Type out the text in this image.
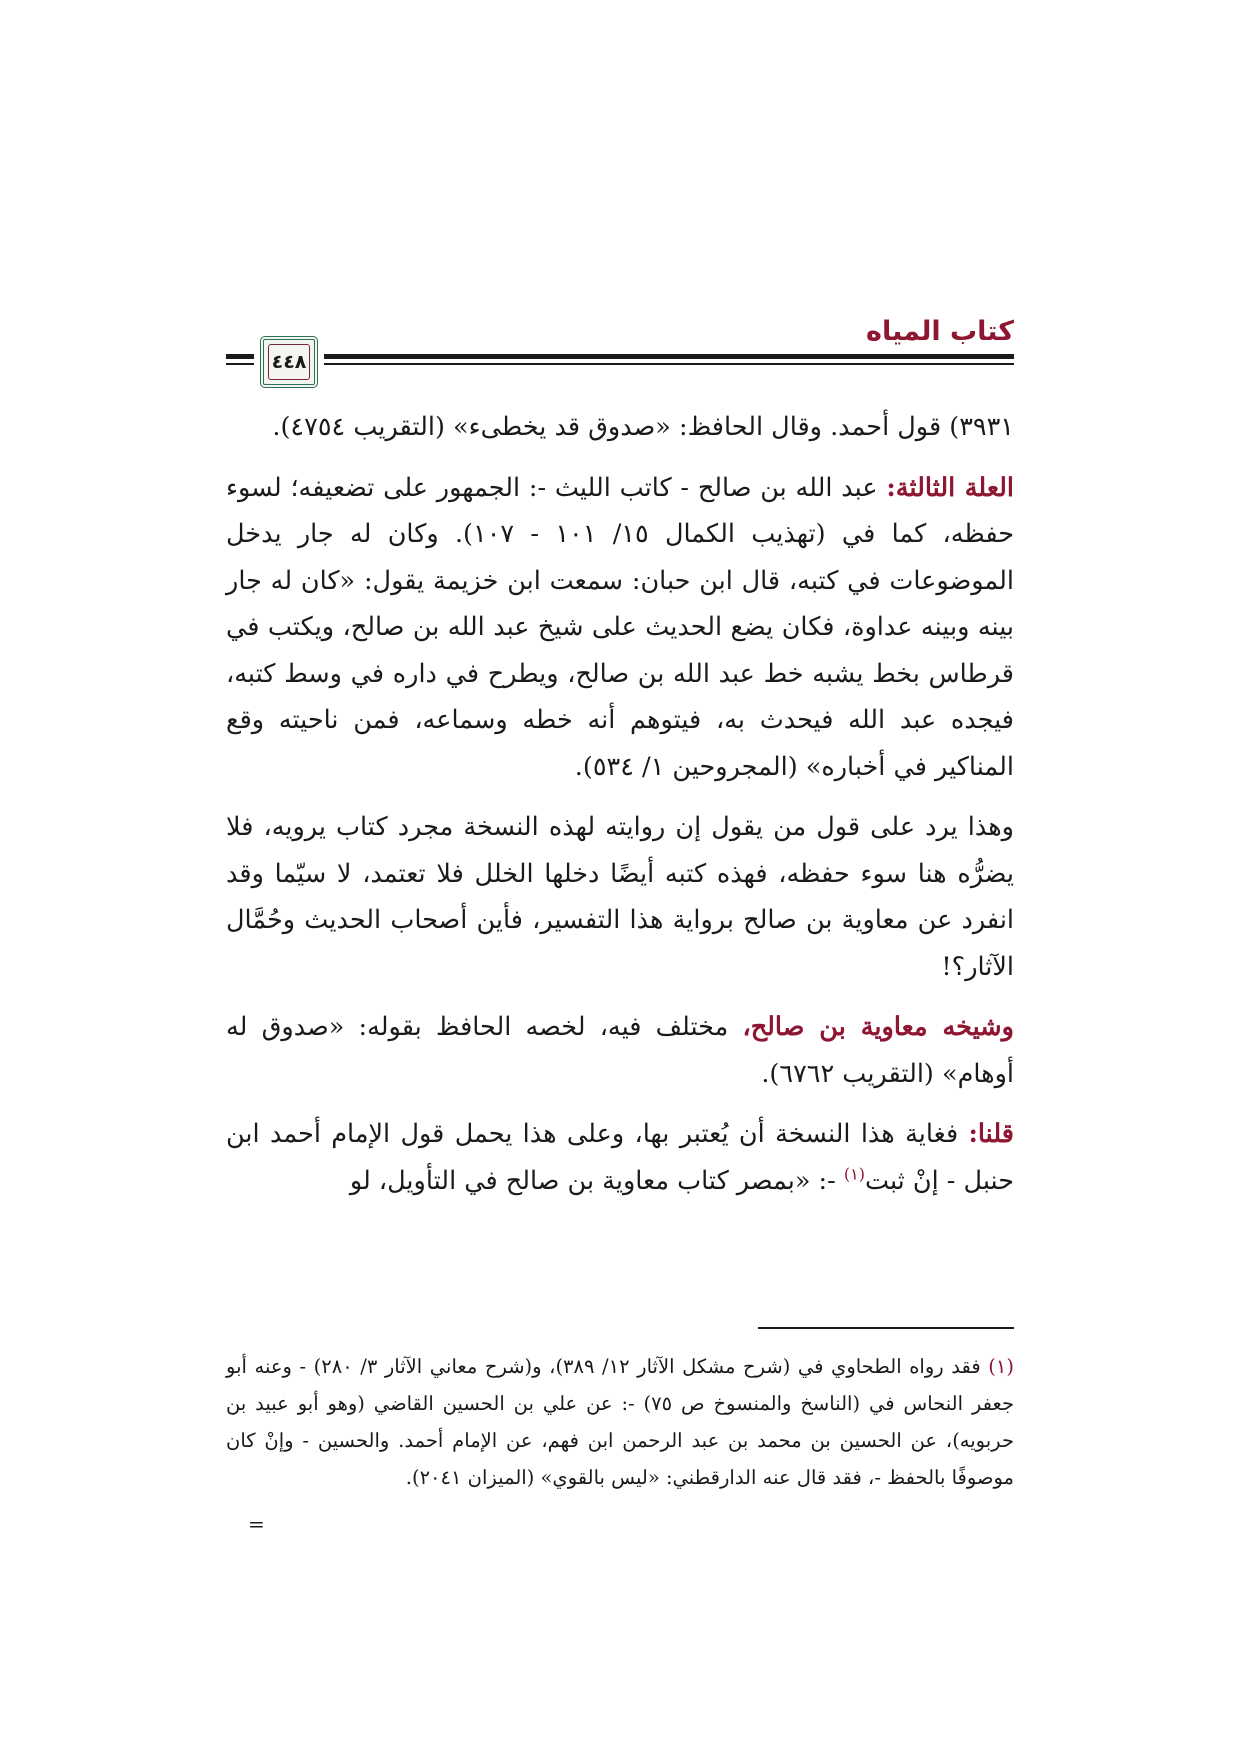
كتاب المياه
٤٤٨

٣٩٣١) قول أحمد. وقال الحافظ: «صدوق قد يخطىء» (التقريب ٤٧٥٤).

العلة الثالثة: عبد الله بن صالح - كاتب الليث -: الجمهور على تضعيفه؛ لسوء حفظه، كما في (تهذيب الكمال ١٥/ ١٠١ - ١٠٧). وكان له جار يدخل الموضوعات في كتبه، قال ابن حبان: سمعت ابن خزيمة يقول: «كان له جار بينه وبينه عداوة، فكان يضع الحديث على شيخ عبد الله بن صالح، ويكتب في قرطاس بخط يشبه خط عبد الله بن صالح، ويطرح في داره في وسط كتبه، فيجده عبد الله فيحدث به، فيتوهم أنه خطه وسماعه، فمن ناحيته وقع المناكير في أخباره» (المجروحين ١/ ٥٣٤).

وهذا يرد على قول من يقول إن روايته لهذه النسخة مجرد كتاب يرويه، فلا يضرُّه هنا سوء حفظه، فهذه كتبه أيضًا دخلها الخلل فلا تعتمد، لا سيّما وقد انفرد عن معاوية بن صالح برواية هذا التفسير، فأين أصحاب الحديث وحُمَّال الآثار؟!

وشيخه معاوية بن صالح، مختلف فيه، لخصه الحافظ بقوله: «صدوق له أوهام» (التقريب ٦٧٦٢).

قلنا: فغاية هذا النسخة أن يُعتبر بها، وعلى هذا يحمل قول الإمام أحمد ابن حنبل - إنْ ثبت$^{(١)}$ -: «بمصر كتاب معاوية بن صالح في التأويل، لو

(١) فقد رواه الطحاوي في (شرح مشكل الآثار ١٢/ ٣٨٩)، و(شرح معاني الآثار ٣/ ٢٨٠) - وعنه أبو جعفر النحاس في (الناسخ والمنسوخ ص ٧٥) -: عن علي بن الحسين القاضي (وهو أبو عبيد بن حربويه)، عن الحسين بن محمد بن عبد الرحمن ابن فهم، عن الإمام أحمد. والحسين - وإنْ كان موصوفًا بالحفظ -، فقد قال عنه الدارقطني: «ليس بالقوي» (الميزان ٢٠٤١).

=
